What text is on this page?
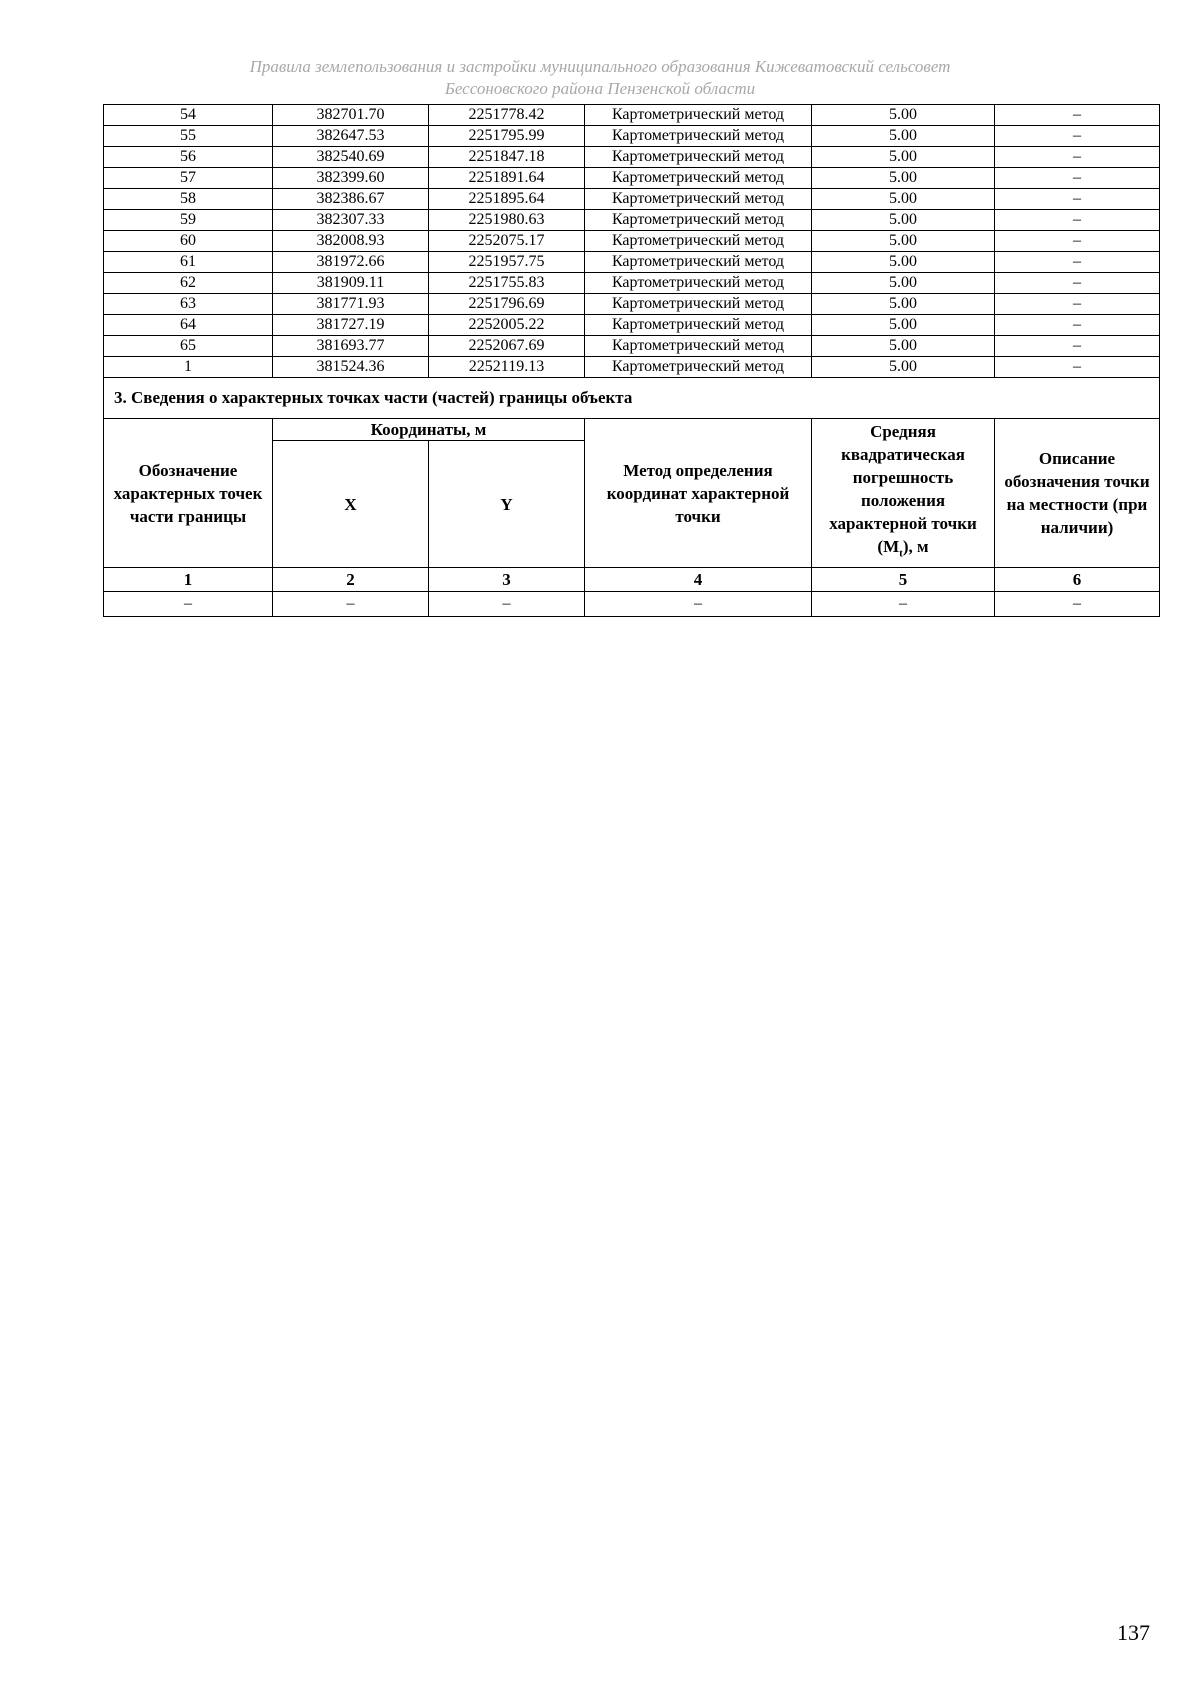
Правила землепользования и застройки муниципального образования Кижеватовский сельсовет
Бессоновского района Пензенской области
54	382701.70	2251778.42	Картометрический метод	5.00	–
55	382647.53	2251795.99	Картометрический метод	5.00	–
56	382540.69	2251847.18	Картометрический метод	5.00	–
57	382399.60	2251891.64	Картометрический метод	5.00	–
58	382386.67	2251895.64	Картометрический метод	5.00	–
59	382307.33	2251980.63	Картометрический метод	5.00	–
60	382008.93	2252075.17	Картометрический метод	5.00	–
61	381972.66	2251957.75	Картометрический метод	5.00	–
62	381909.11	2251755.83	Картометрический метод	5.00	–
63	381771.93	2251796.69	Картометрический метод	5.00	–
64	381727.19	2252005.22	Картометрический метод	5.00	–
65	381693.77	2252067.69	Картометрический метод	5.00	–
1	381524.36	2252119.13	Картометрический метод	5.00	–
3. Сведения о характерных точках части (частей) границы объекта					
Обозначение характерных точек части границы	Координаты, м		Метод определения координат характерной точки	Средняя квадратическая погрешность положения характерной точки $(M_t)$, м	Описание обозначения точки на местности (при наличии)
	X	Y			
1	2	3	4	5	6
–	–	–	–	–	–
137
